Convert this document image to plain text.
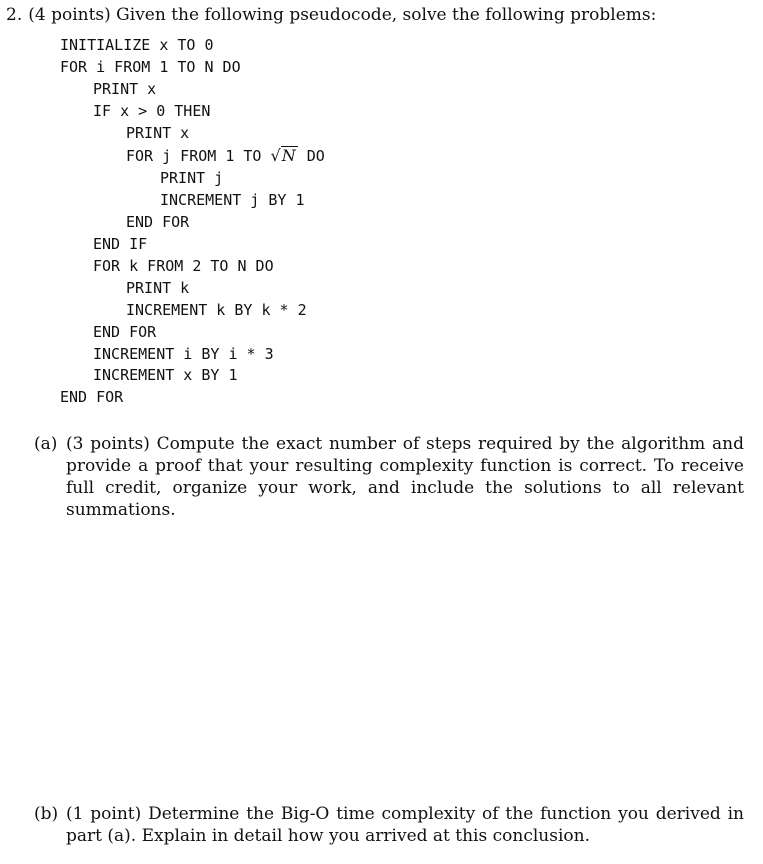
2. (4 points) Given the following pseudocode, solve the following problems:
INITIALIZE x TO 0
FOR i FROM 1 TO N DO
PRINT x
IF x > 0 THEN
PRINT x
FOR j FROM 1 TO √N DO
PRINT j
INCREMENT j BY 1
END FOR
END IF
FOR k FROM 2 TO N DO
PRINT k
INCREMENT k BY k * 2
END FOR
INCREMENT i BY i * 3
INCREMENT x BY 1
END FOR
(a) (3 points) Compute the exact number of steps required by the algorithm and provide a proof that your resulting complexity function is correct. To receive full credit, organize your work, and include the solutions to all relevant summations.
(b) (1 point) Determine the Big-O time complexity of the function you derived in part (a). Explain in detail how you arrived at this conclusion.
